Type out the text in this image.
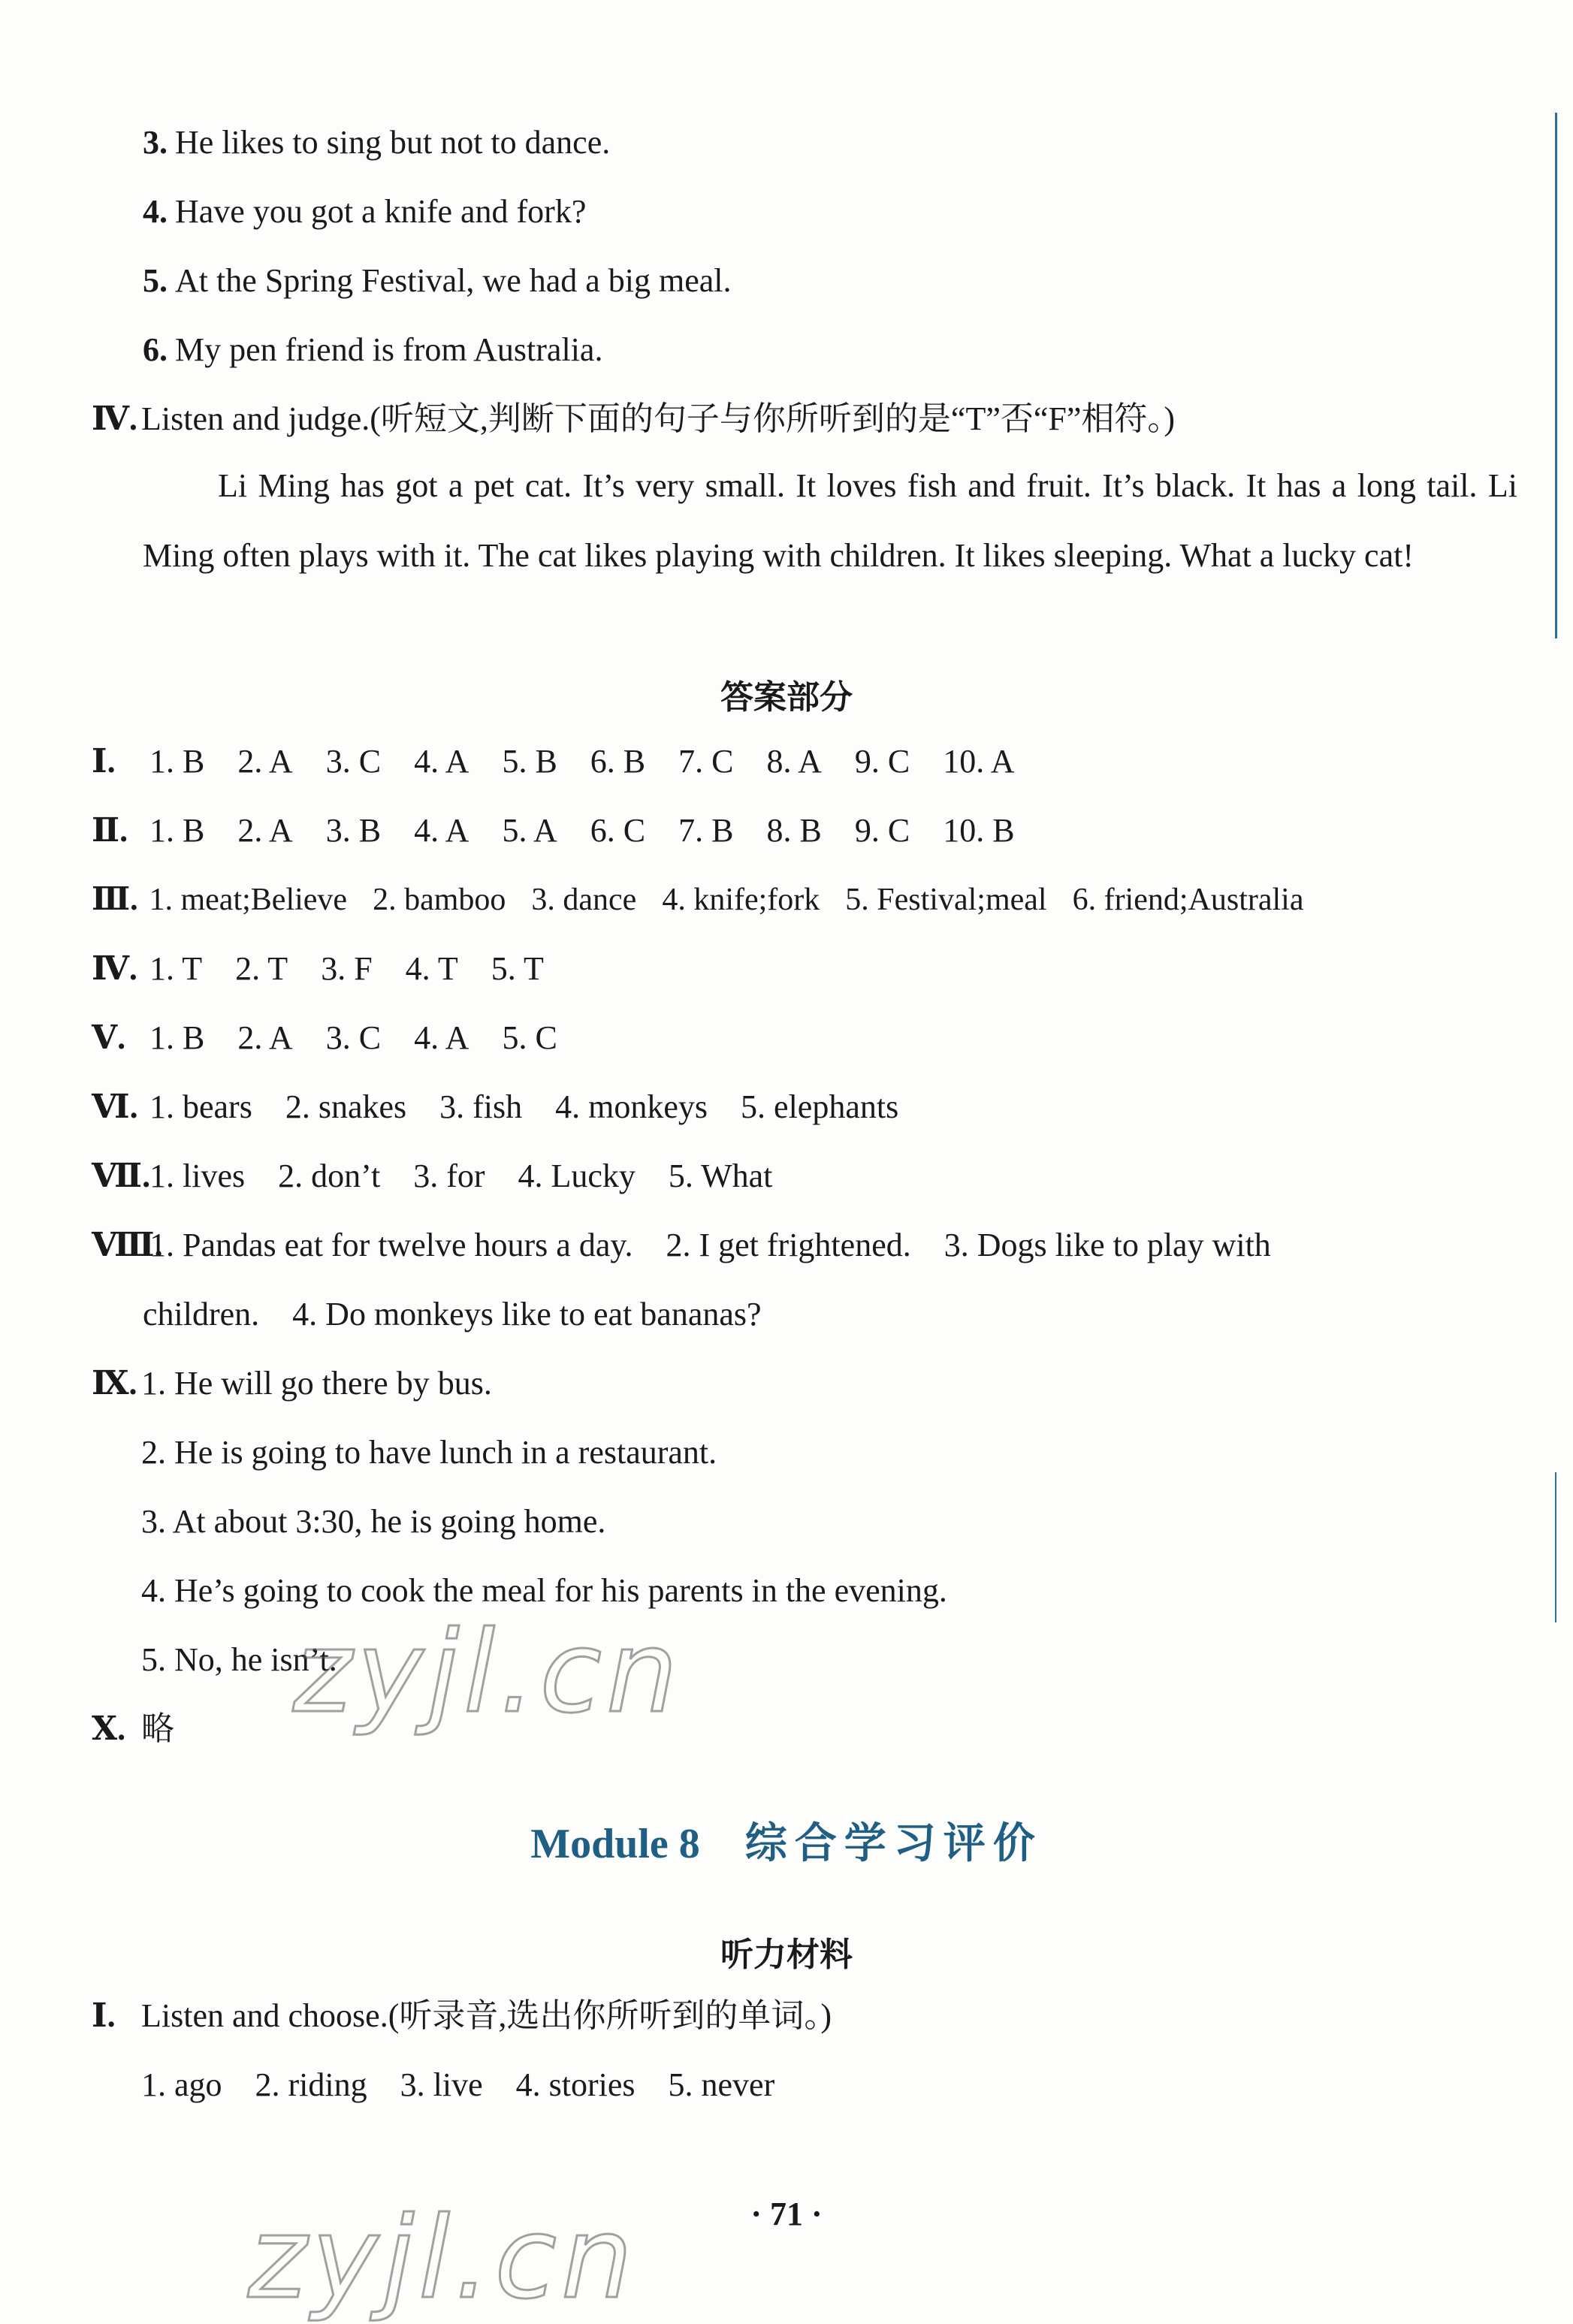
3. He likes to sing but not to dance.
4. Have you got a knife and fork?
5. At the Spring Festival, we had a big meal.
6. My pen friend is from Australia.
Ⅳ. Listen and judge.(听短文,判断下面的句子与你所听到的是“T”否“F”相符。)
Li Ming has got a pet cat. It’s very small. It loves fish and fruit. It’s black. It has a long tail. Li Ming often plays with it. The cat likes playing with children. It likes sleeping. What a lucky cat!
答案部分
Ⅰ. 1. B 2. A 3. C 4. A 5. B 6. B 7. C 8. A 9. C 10. A
Ⅱ. 1. B 2. A 3. B 4. A 5. A 6. C 7. B 8. B 9. C 10. B
Ⅲ. 1. meat;Believe 2. bamboo 3. dance 4. knife;fork 5. Festival;meal 6. friend;Australia
Ⅳ. 1. T 2. T 3. F 4. T 5. T
Ⅴ. 1. B 2. A 3. C 4. A 5. C
Ⅵ. 1. bears 2. snakes 3. fish 4. monkeys 5. elephants
Ⅶ. 1. lives 2. don’t 3. for 4. Lucky 5. What
Ⅷ. 1. Pandas eat for twelve hours a day. 2. I get frightened. 3. Dogs like to play with
children. 4. Do monkeys like to eat bananas?
Ⅸ. 1. He will go there by bus.
2. He is going to have lunch in a restaurant.
3. At about 3:30, he is going home.
4. He’s going to cook the meal for his parents in the evening.
5. No, he isn’t.
Ⅹ. 略
Module 8 综合学习评价
听力材料
Ⅰ. Listen and choose.(听录音,选出你所听到的单词。)
1. ago 2. riding 3. live 4. stories 5. never
· 71 ·
zyjl.cn
zyjl.cn
